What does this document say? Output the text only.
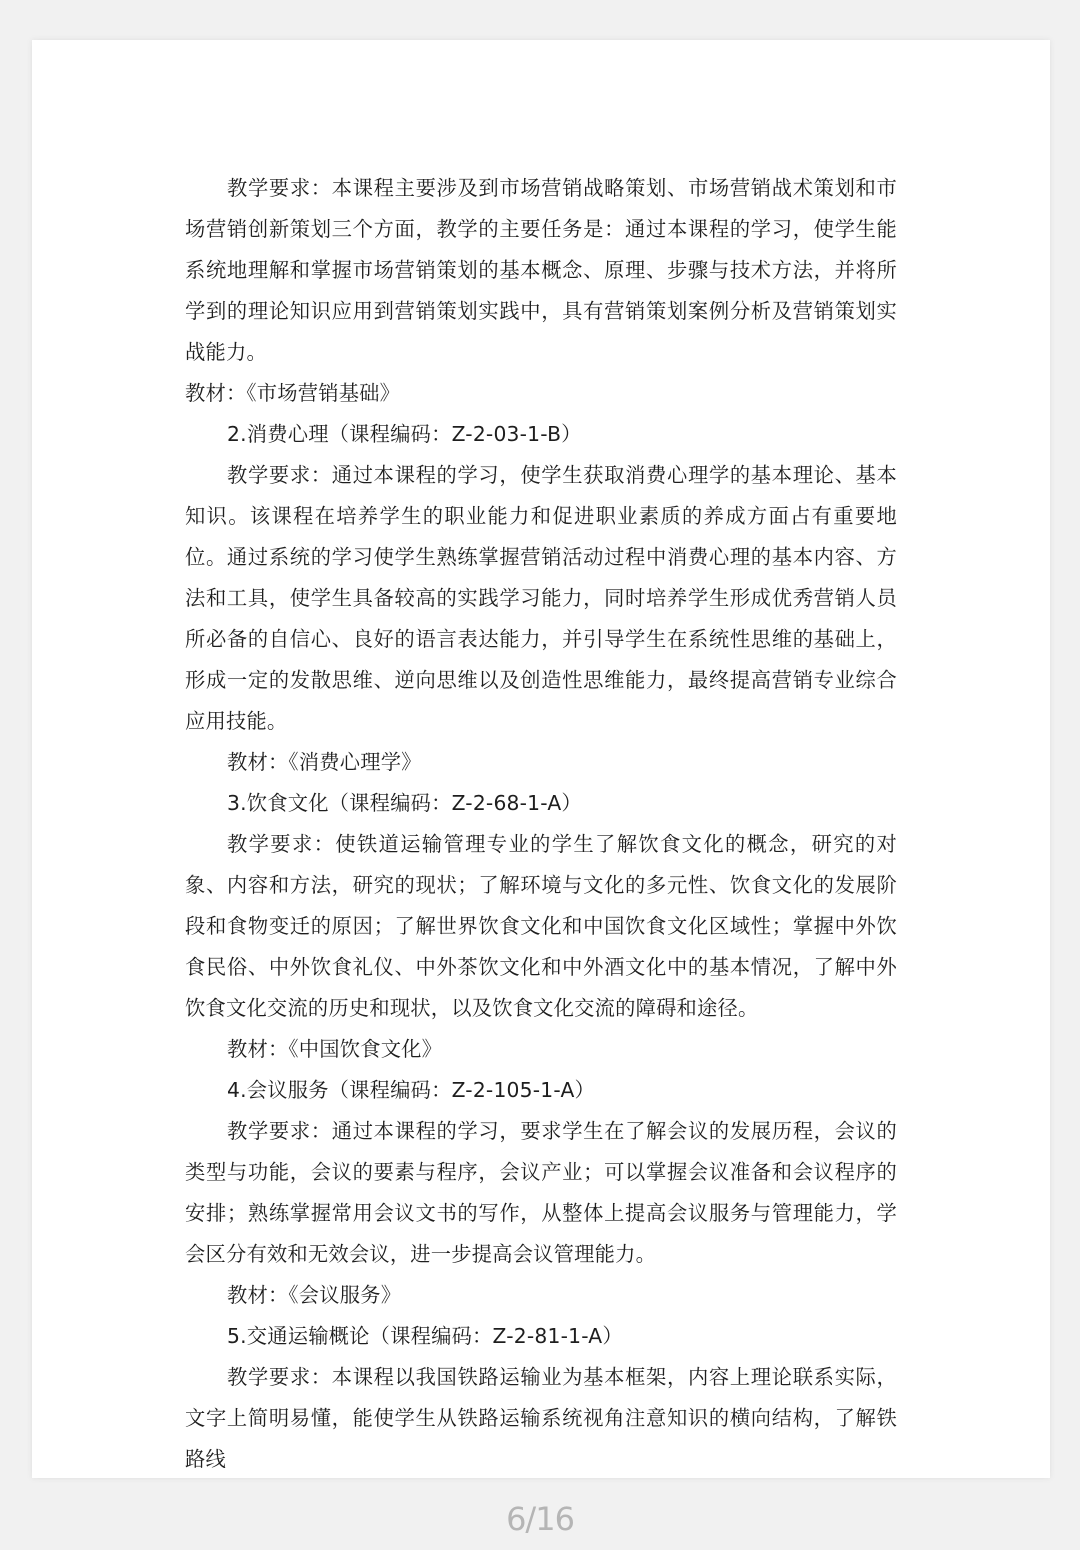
教学要求：本课程主要涉及到市场营销战略策划、市场营销战术策划和市场营销创新策划三个方面，教学的主要任务是：通过本课程的学习，使学生能系统地理解和掌握市场营销策划的基本概念、原理、步骤与技术方法，并将所学到的理论知识应用到营销策划实践中，具有营销策划案例分析及营销策划实战能力。

教材：《市场营销基础》

2.消费心理（课程编码：Z-2-03-1-B）

教学要求：通过本课程的学习，使学生获取消费心理学的基本理论、基本知识。该课程在培养学生的职业能力和促进职业素质的养成方面占有重要地位。通过系统的学习使学生熟练掌握营销活动过程中消费心理的基本内容、方法和工具，使学生具备较高的实践学习能力，同时培养学生形成优秀营销人员所必备的自信心、良好的语言表达能力，并引导学生在系统性思维的基础上，形成一定的发散思维、逆向思维以及创造性思维能力，最终提高营销专业综合应用技能。

教材：《消费心理学》

3.饮食文化（课程编码：Z-2-68-1-A）

教学要求：使铁道运输管理专业的学生了解饮食文化的概念，研究的对象、内容和方法，研究的现状；了解环境与文化的多元性、饮食文化的发展阶段和食物变迁的原因；了解世界饮食文化和中国饮食文化区域性；掌握中外饮食民俗、中外饮食礼仪、中外茶饮文化和中外酒文化中的基本情况，了解中外饮食文化交流的历史和现状，以及饮食文化交流的障碍和途径。

教材：《中国饮食文化》

4.会议服务（课程编码：Z-2-105-1-A）

教学要求：通过本课程的学习，要求学生在了解会议的发展历程，会议的类型与功能，会议的要素与程序，会议产业；可以掌握会议准备和会议程序的安排；熟练掌握常用会议文书的写作，从整体上提高会议服务与管理能力，学会区分有效和无效会议，进一步提高会议管理能力。

教材：《会议服务》

5.交通运输概论（课程编码：Z-2-81-1-A）

教学要求：本课程以我国铁路运输业为基本框架，内容上理论联系实际，文字上简明易懂，能使学生从铁路运输系统视角注意知识的横向结构，了解铁路线

6/16
